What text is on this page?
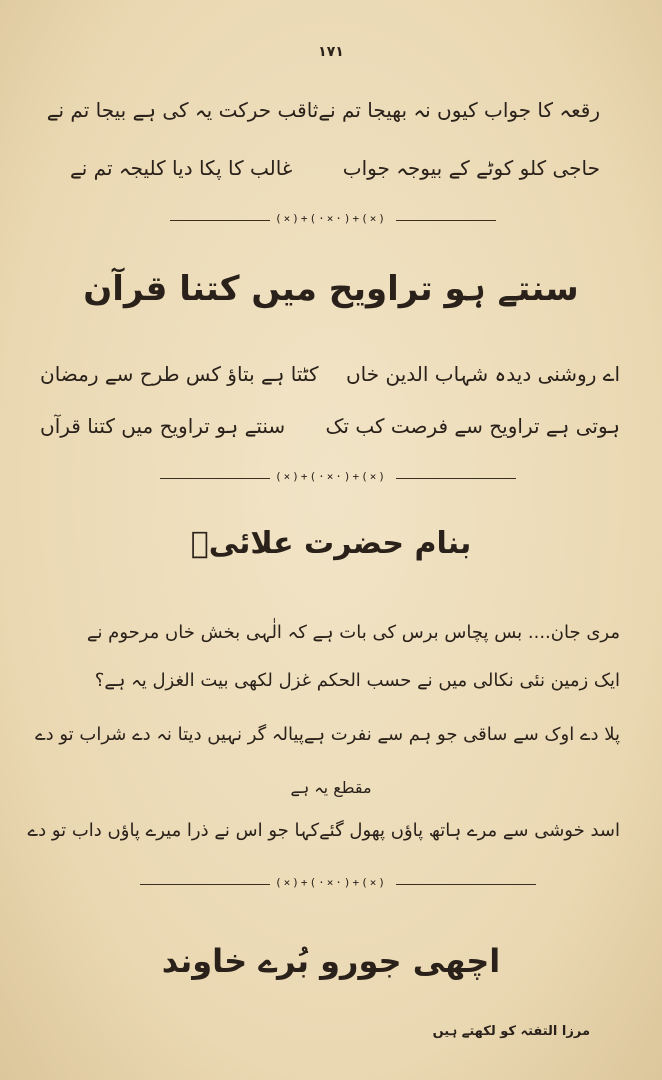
۱۷۱
رقعہ کا جواب کیوں نہ بھیجا تم نے
ثاقب حرکت یہ کی ہے بیجا تم نے
حاجی کلو کوٹے کے بیوجہ جواب
غالب کا پکا دیا کلیجہ تم نے
(×)+(·×·)+(×)
سنتے ہو تراویح میں کتنا قرآن
اے روشنی دیدہ شہاب الدین خاں
کٹتا ہے بتاؤ کس طرح سے رمضان
ہوتی ہے تراویح سے فرصت کب تک
سنتے ہو تراویح میں کتنا قرآں
(×)+(·×·)+(×)
بنام حضرت علائیؔ
مری جان.... بس پچاس برس کی بات ہے کہ الٰہی بخش خاں مرحوم نے
ایک زمین نئی نکالی میں نے حسب الحکم غزل لکھی بیت الغزل یہ ہے؟
پلا دے اوک سے ساقی جو ہم سے نفرت ہے
پیالہ گر نہیں دیتا نہ دے شراب تو دے
مقطع یہ ہے
اسد خوشی سے مرے ہاتھ پاؤں پھول گئے
کہا جو اس نے ذرا میرے پاؤں داب تو دے
(×)+(·×·)+(×)
اچھی جورو بُرے خاوند
مرزا التفتہ کو لکھتے ہیں
